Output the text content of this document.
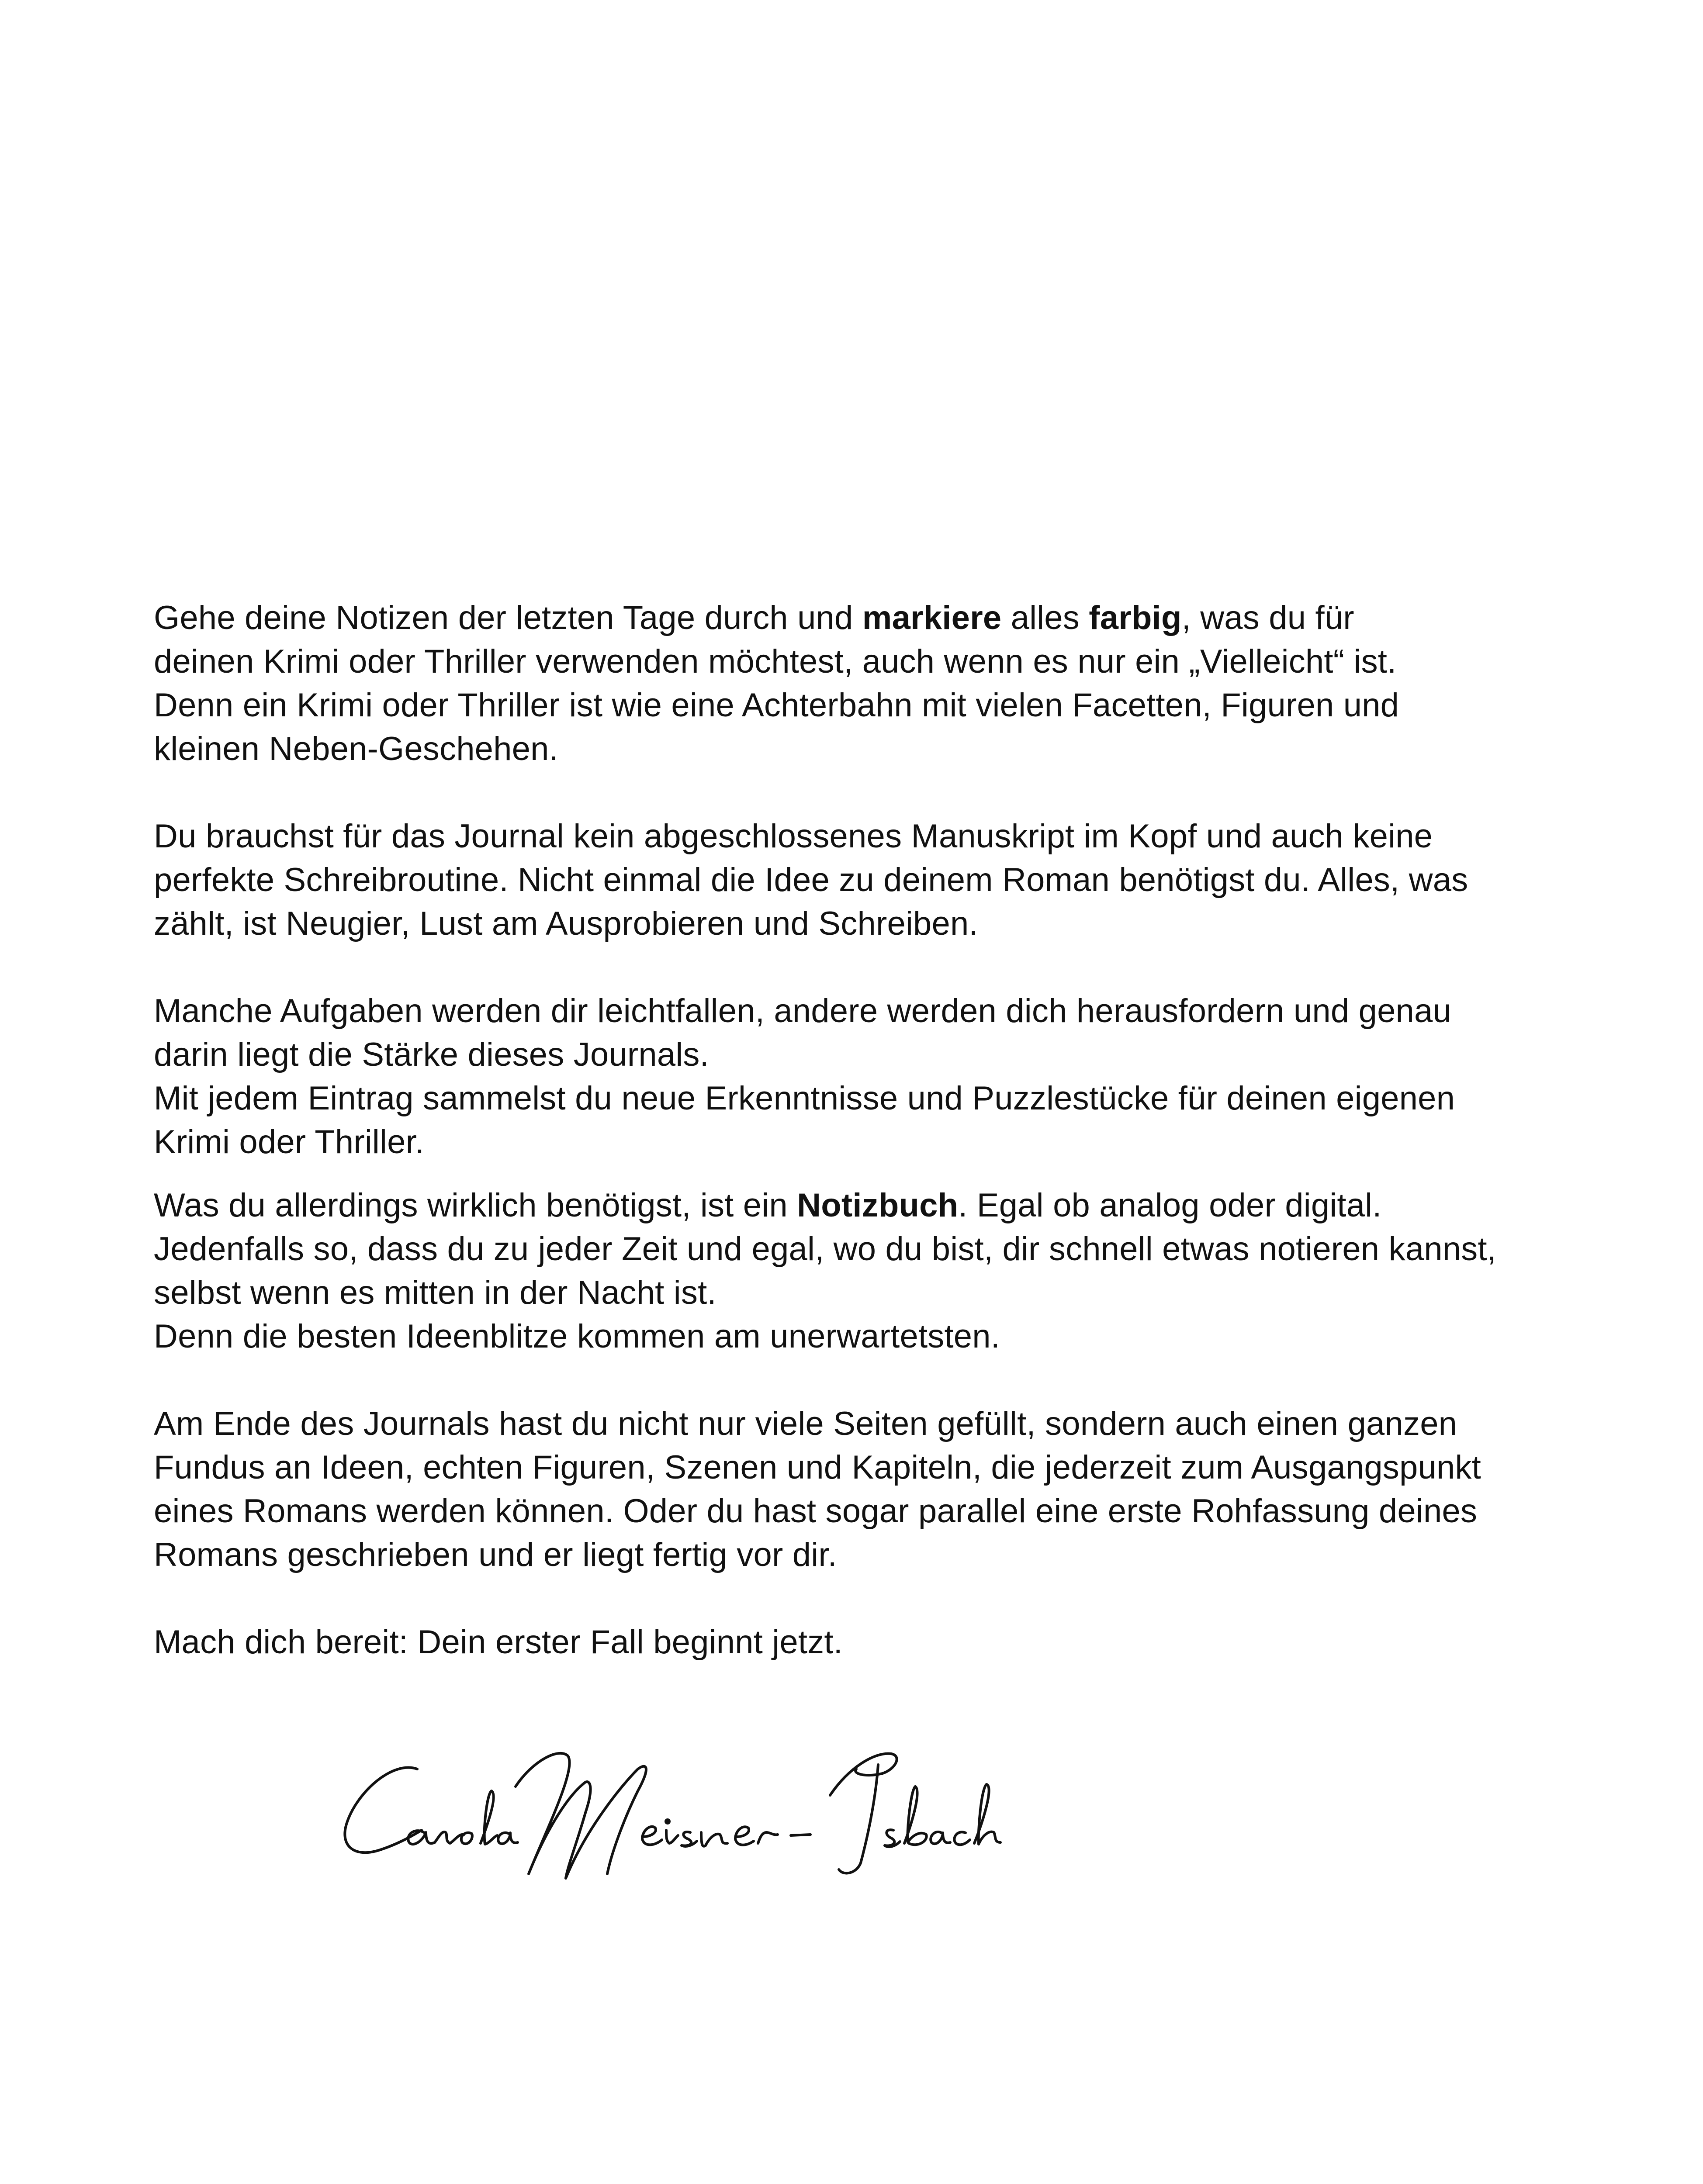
Gehe deine Notizen der letzten Tage durch und markiere alles farbig, was du für
deinen Krimi oder Thriller verwenden möchtest, auch wenn es nur ein „Vielleicht“ ist.
Denn ein Krimi oder Thriller ist wie eine Achterbahn mit vielen Facetten, Figuren und
kleinen Neben-Geschehen.

Du brauchst für das Journal kein abgeschlossenes Manuskript im Kopf und auch keine
perfekte Schreibroutine. Nicht einmal die Idee zu deinem Roman benötigst du. Alles, was
zählt, ist Neugier, Lust am Ausprobieren und Schreiben.

Manche Aufgaben werden dir leichtfallen, andere werden dich herausfordern und genau
darin liegt die Stärke dieses Journals.
Mit jedem Eintrag sammelst du neue Erkenntnisse und Puzzlestücke für deinen eigenen
Krimi oder Thriller.

Was du allerdings wirklich benötigst, ist ein Notizbuch. Egal ob analog oder digital.
Jedenfalls so, dass du zu jeder Zeit und egal, wo du bist, dir schnell etwas notieren kannst,
selbst wenn es mitten in der Nacht ist.
Denn die besten Ideenblitze kommen am unerwartetsten.

Am Ende des Journals hast du nicht nur viele Seiten gefüllt, sondern auch einen ganzen
Fundus an Ideen, echten Figuren, Szenen und Kapiteln, die jederzeit zum Ausgangspunkt
eines Romans werden können. Oder du hast sogar parallel eine erste Rohfassung deines
Romans geschrieben und er liegt fertig vor dir.

Mach dich bereit: Dein erster Fall beginnt jetzt.
